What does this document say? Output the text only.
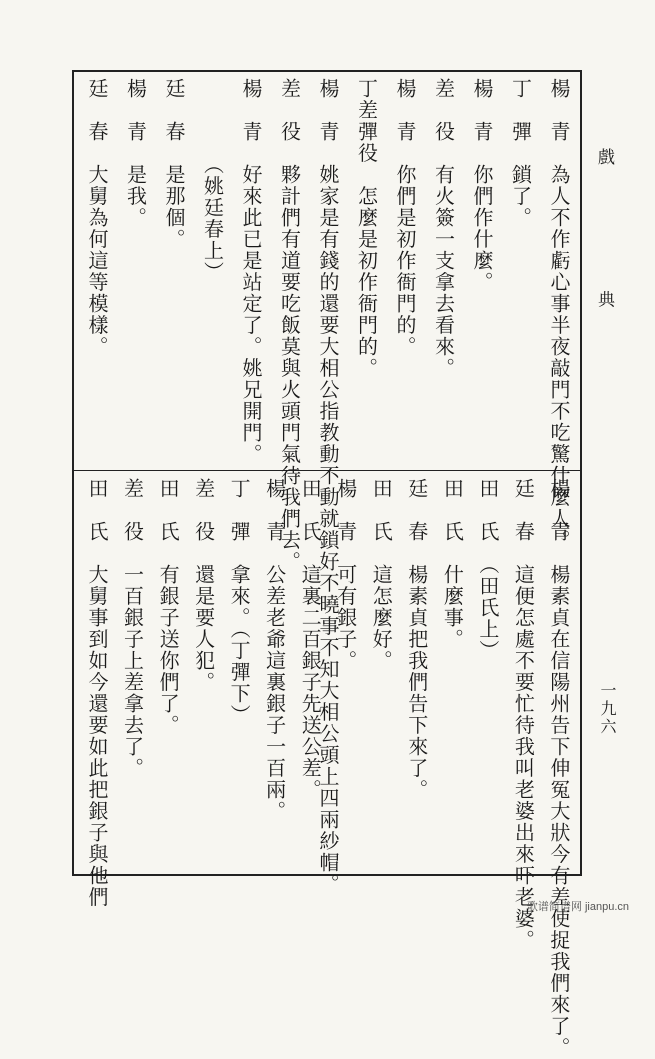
戲 典
一九六
楊　青　為人不作虧心事半夜敲門不吃驚什麼人。
丁　彈　鎖了。
楊　青　你們作什麼。
差　役　有火簽一支拿去看來。
楊　青　你們是初作衙門的。
丁差彈役　怎麼是初作衙門的。
楊　青　姚家是有錢的還要大相公指教動不動就鎖好不曉事不知大相公頭上四兩紗帽。
差　役　夥計們有道要吃飯莫與火頭門氣待我們去。
楊　青　好來此已是站定了。姚兄開門。
　　　　（姚廷春上）
廷　春　是那個。
楊　青　是我。
廷　春　大舅為何這等模樣。
楊　青　楊素貞在信陽州告下伸冤大狀今有差使捉我們來了。
廷　春　這便怎處不要忙待我叫老婆出來吓老婆。
田　氏　（田氏上）
田　氏　什麼事。
廷　春　楊素貞把我們告下來了。
田　氏　這怎麼好。
楊　青　可有銀子。
田　氏　這裏二百銀子先送公差。
楊　青　公差老爺這裏銀子一百兩。
丁　彈　拿來。（丁彈下）
差　役　還是要人犯。
田　氏　有銀子送你們了。
差　役　一百銀子上差拿去了。
田　氏　大舅事到如今還要如此把銀子與他們	歌谱简谱网 jianpu.cn
